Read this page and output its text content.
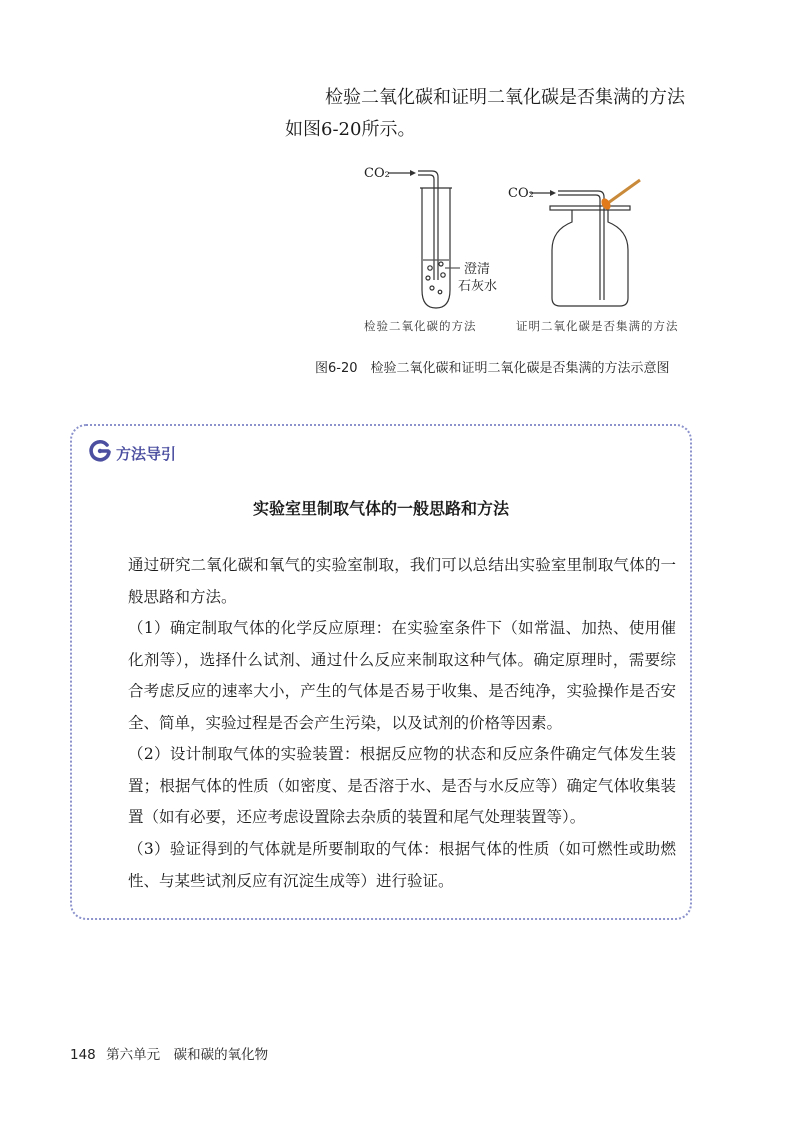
检验二氧化碳和证明二氧化碳是否集满的方法
如图6-20所示。
CO₂
CO₂
澄清
石灰水
检验二氧化碳的方法	证明二氧化碳是否集满的方法
图6-20　检验二氧化碳和证明二氧化碳是否集满的方法示意图
方法导引
实验室里制取气体的一般思路和方法
通过研究二氧化碳和氧气的实验室制取，我们可以总结出实验室里制取气体的一般思路和方法。
（1）确定制取气体的化学反应原理：在实验室条件下（如常温、加热、使用催化剂等），选择什么试剂、通过什么反应来制取这种气体。确定原理时，需要综合考虑反应的速率大小，产生的气体是否易于收集、是否纯净，实验操作是否安全、简单，实验过程是否会产生污染，以及试剂的价格等因素。
（2）设计制取气体的实验装置：根据反应物的状态和反应条件确定气体发生装置；根据气体的性质（如密度、是否溶于水、是否与水反应等）确定气体收集装置（如有必要，还应考虑设置除去杂质的装置和尾气处理装置等）。
（3）验证得到的气体就是所要制取的气体：根据气体的性质（如可燃性或助燃性、与某些试剂反应有沉淀生成等）进行验证。
148 第六单元　碳和碳的氧化物
